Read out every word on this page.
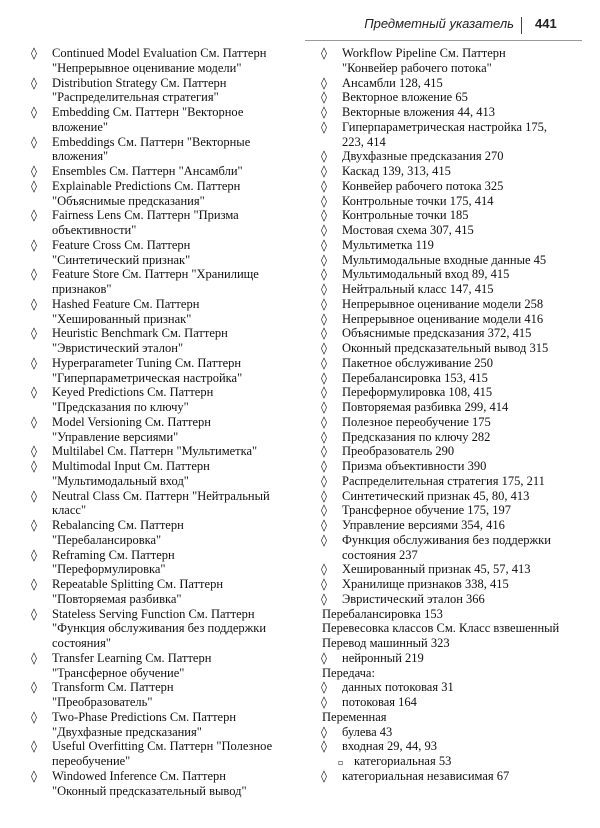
Предметный указатель 441
◊ Continued Model Evaluation См. Паттерн
"Непрерывное оценивание модели"
◊ Distribution Strategy См. Паттерн
"Распределительная стратегия"
◊ Embedding См. Паттерн "Векторное
вложение"
◊ Embeddings См. Паттерн "Векторные
вложения"
◊ Ensembles См. Паттерн "Ансамбли"
◊ Explainable Predictions См. Паттерн
"Объяснимые предсказания"
◊ Fairness Lens См. Паттерн "Призма
объективности"
◊ Feature Cross См. Паттерн
"Синтетический признак"
◊ Feature Store См. Паттерн "Хранилище
признаков"
◊ Hashed Feature См. Паттерн
"Хешированный признак"
◊ Heuristic Benchmark См. Паттерн
"Эвристический эталон"
◊ Hyperparameter Tuning См. Паттерн
"Гиперпараметрическая настройка"
◊ Keyed Predictions См. Паттерн
"Предсказания по ключу"
◊ Model Versioning См. Паттерн
"Управление версиями"
◊ Multilabel См. Паттерн "Мультиметка"
◊ Multimodal Input См. Паттерн
"Мультимодальный вход"
◊ Neutral Class См. Паттерн "Нейтральный
класс"
◊ Rebalancing См. Паттерн
"Перебалансировка"
◊ Reframing См. Паттерн
"Переформулировка"
◊ Repeatable Splitting См. Паттерн
"Повторяемая разбивка"
◊ Stateless Serving Function См. Паттерн
"Функция обслуживания без поддержки
состояния"
◊ Transfer Learning См. Паттерн
"Трансферное обучение"
◊ Transform См. Паттерн
"Преобразователь"
◊ Two-Phase Predictions См. Паттерн
"Двухфазные предсказания"
◊ Useful Overfitting См. Паттерн "Полезное
переобучение"
◊ Windowed Inference См. Паттерн
"Оконный предсказательный вывод"
◊ Workflow Pipeline См. Паттерн
"Конвейер рабочего потока"
◊ Ансамбли 128, 415
◊ Векторное вложение 65
◊ Векторные вложения 44, 413
◊ Гиперпараметрическая настройка 175,
223, 414
◊ Двухфазные предсказания 270
◊ Каскад 139, 313, 415
◊ Конвейер рабочего потока 325
◊ Контрольные точки 175, 414
◊ Контрольные точки 185
◊ Мостовая схема 307, 415
◊ Мультиметка 119
◊ Мультимодальные входные данные 45
◊ Мультимодальный вход 89, 415
◊ Нейтральный класс 147, 415
◊ Непрерывное оценивание модели 258
◊ Непрерывное оценивание модели 416
◊ Объяснимые предсказания 372, 415
◊ Оконный предсказательный вывод 315
◊ Пакетное обслуживание 250
◊ Перебалансировка 153, 415
◊ Переформулировка 108, 415
◊ Повторяемая разбивка 299, 414
◊ Полезное переобучение 175
◊ Предсказания по ключу 282
◊ Преобразователь 290
◊ Призма объективности 390
◊ Распределительная стратегия 175, 211
◊ Синтетический признак 45, 80, 413
◊ Трансферное обучение 175, 197
◊ Управление версиями 354, 416
◊ Функция обслуживания без поддержки
состояния 237
◊ Хешированный признак 45, 57, 413
◊ Хранилище признаков 338, 415
◊ Эвристический эталон 366
Перебалансировка 153
Перевесовка классов См. Класс взвешенный
Перевод машинный 323
◊ нейронный 219
Передача:
◊ данных потоковая 31
◊ потоковая 164
Переменная
◊ булева 43
◊ входная 29, 44, 93
▫ категориальная 53
◊ категориальная независимая 67
